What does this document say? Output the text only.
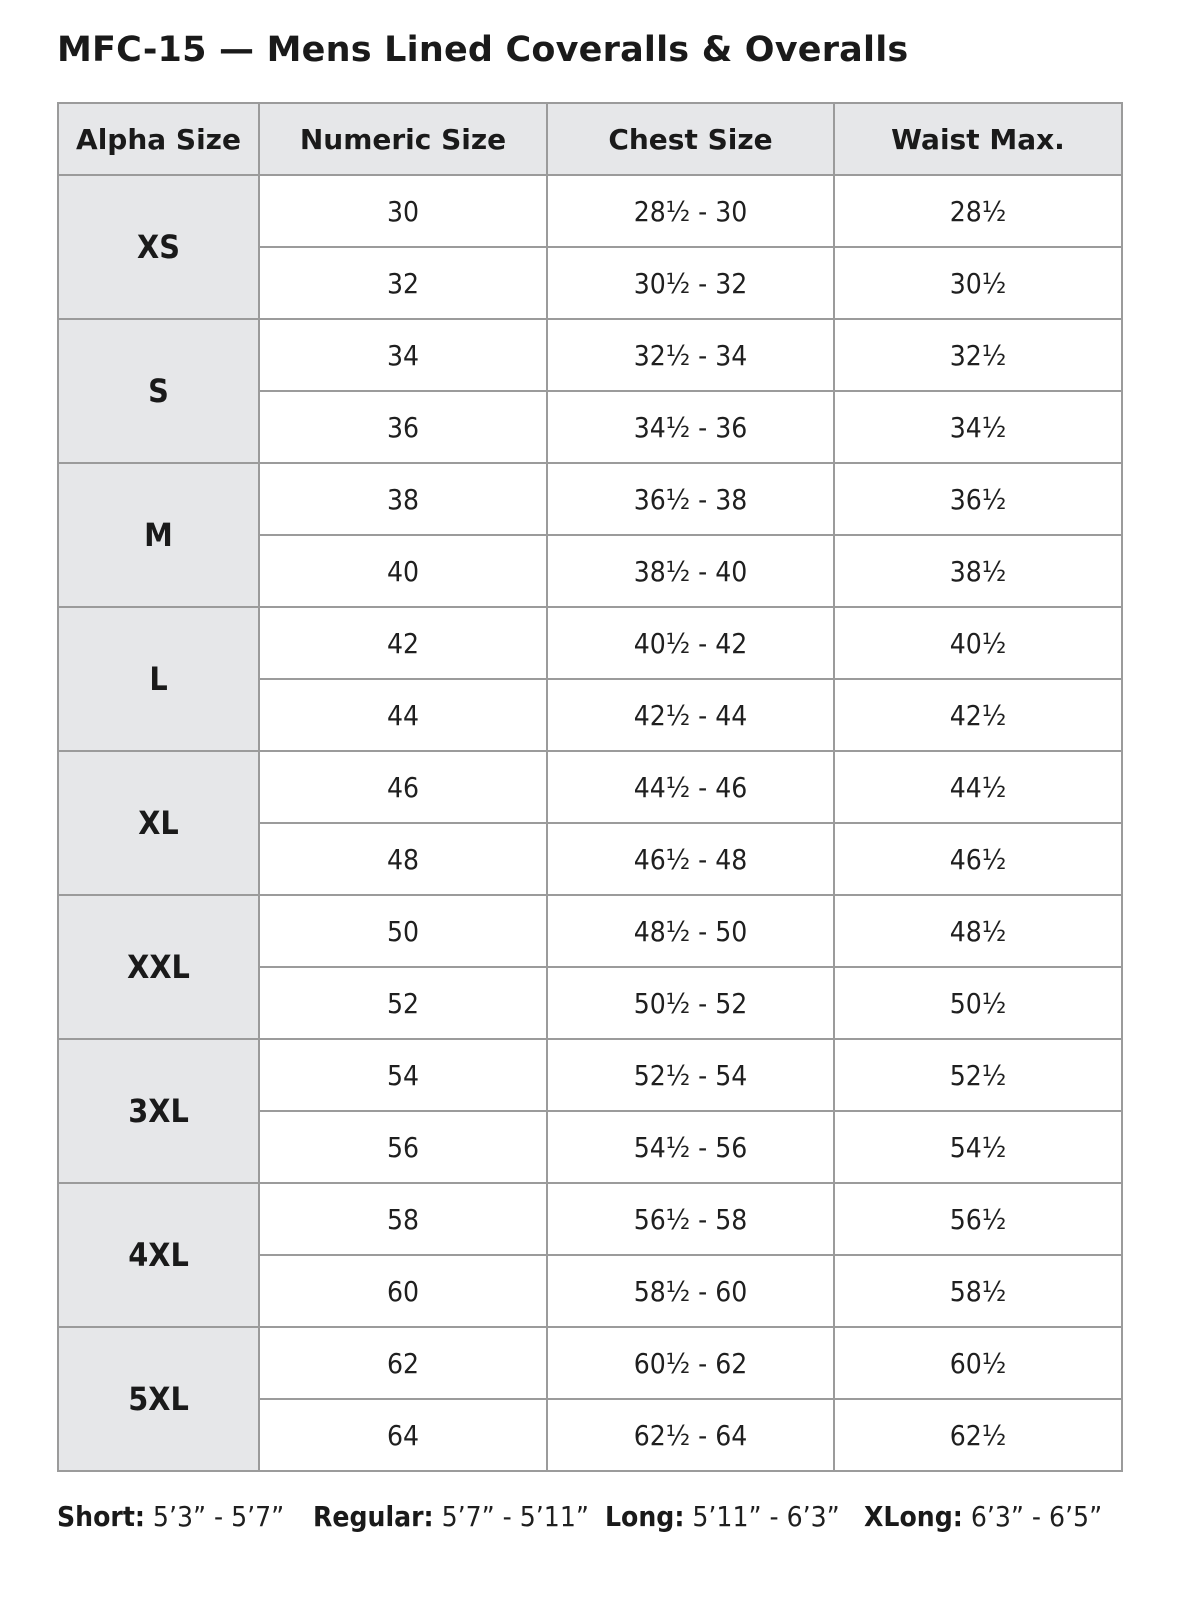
MFC-15 — Mens Lined Coveralls & Overalls
Alpha Size	Numeric Size	Chest Size	Waist Max.
XS	30	28½ - 30	28½
	32	30½ - 32	30½
S	34	32½ - 34	32½
	36	34½ - 36	34½
M	38	36½ - 38	36½
	40	38½ - 40	38½
L	42	40½ - 42	40½
	44	42½ - 44	42½
XL	46	44½ - 46	44½
	48	46½ - 48	46½
XXL	50	48½ - 50	48½
	52	50½ - 52	50½
3XL	54	52½ - 54	52½
	56	54½ - 56	54½
4XL	58	56½ - 58	56½
	60	58½ - 60	58½
5XL	62	60½ - 62	60½
	64	62½ - 64	62½
Short: 5’3” - 5’7” Regular: 5’7” - 5’11” Long: 5’11” - 6’3” XLong: 6’3” - 6’5”
